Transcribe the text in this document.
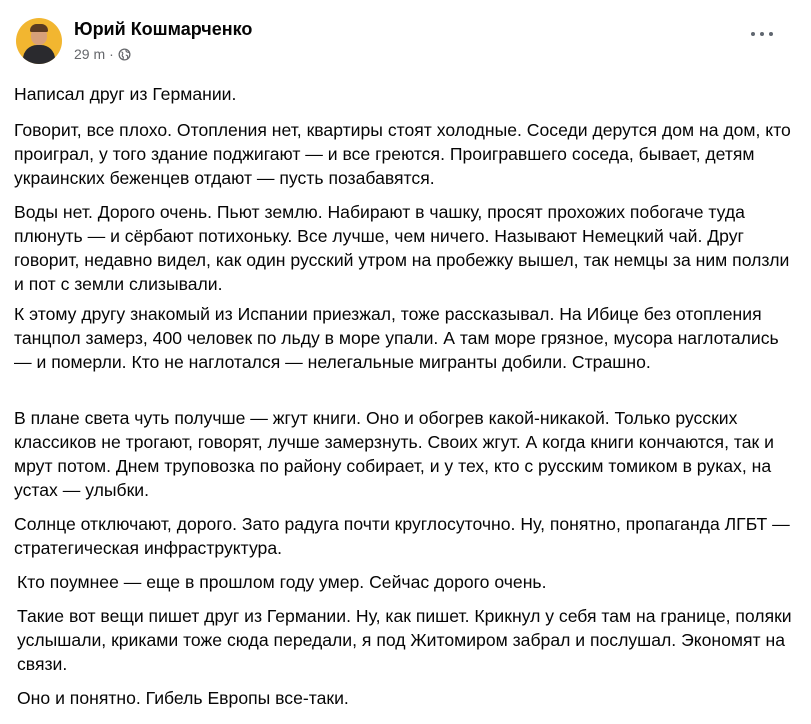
Юрий Кошмарченко
29 m ·

Написал друг из Германии.

Говорит, все плохо. Отопления нет, квартиры стоят холодные. Соседи дерутся дом на дом, кто проиграл, у того здание поджигают — и все греются. Проигравшего соседа, бывает, детям украинских беженцев отдают — пусть позабавятся.

Воды нет. Дорого очень. Пьют землю. Набирают в чашку, просят прохожих побогаче туда плюнуть — и сёрбают потихоньку. Все лучше, чем ничего. Называют Немецкий чай. Друг говорит, недавно видел, как один русский утром на пробежку вышел, так немцы за ним ползли и пот с земли слизывали.

К этому другу знакомый из Испании приезжал, тоже рассказывал. На Ибице без отопления танцпол замерз, 400 человек по льду в море упали. А там море грязное, мусора наглотались — и померли. Кто не наглотался — нелегальные мигранты добили. Страшно.

В плане света чуть получше — жгут книги. Оно и обогрев какой-никакой. Только русских классиков не трогают, говорят, лучше замерзнуть. Своих жгут. А когда книги кончаются, так и мрут потом. Днем труповозка по району собирает, и у тех, кто с русским томиком в руках, на устах — улыбки.

Солнце отключают, дорого. Зато радуга почти круглосуточно. Ну, понятно, пропаганда ЛГБТ — стратегическая инфраструктура.

Кто поумнее — еще в прошлом году умер. Сейчас дорого очень.

Такие вот вещи пишет друг из Германии. Ну, как пишет. Крикнул у себя там на границе, поляки услышали, криками тоже сюда передали, я под Житомиром забрал и послушал. Экономят на связи.

Оно и понятно. Гибель Европы все-таки.
